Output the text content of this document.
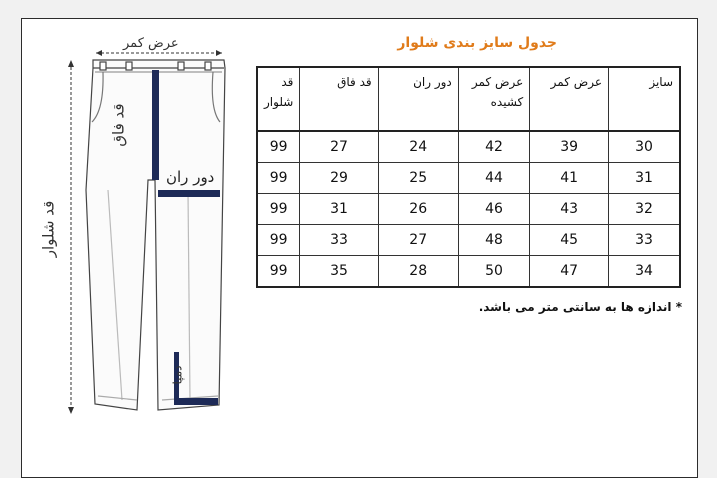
عرض کمر
قد فاق
دور ران
قد شلوار
دمپا
جدول سایز بندی شلوار
سایز	عرض کمر	عرض کمر کشیده	دور ران	قد فاق	قد شلوار
30	39	42	24	27	99
31	41	44	25	29	99
32	43	46	26	31	99
33	45	48	27	33	99
34	47	50	28	35	99
* اندازه ها به سانتی متر می باشد.
